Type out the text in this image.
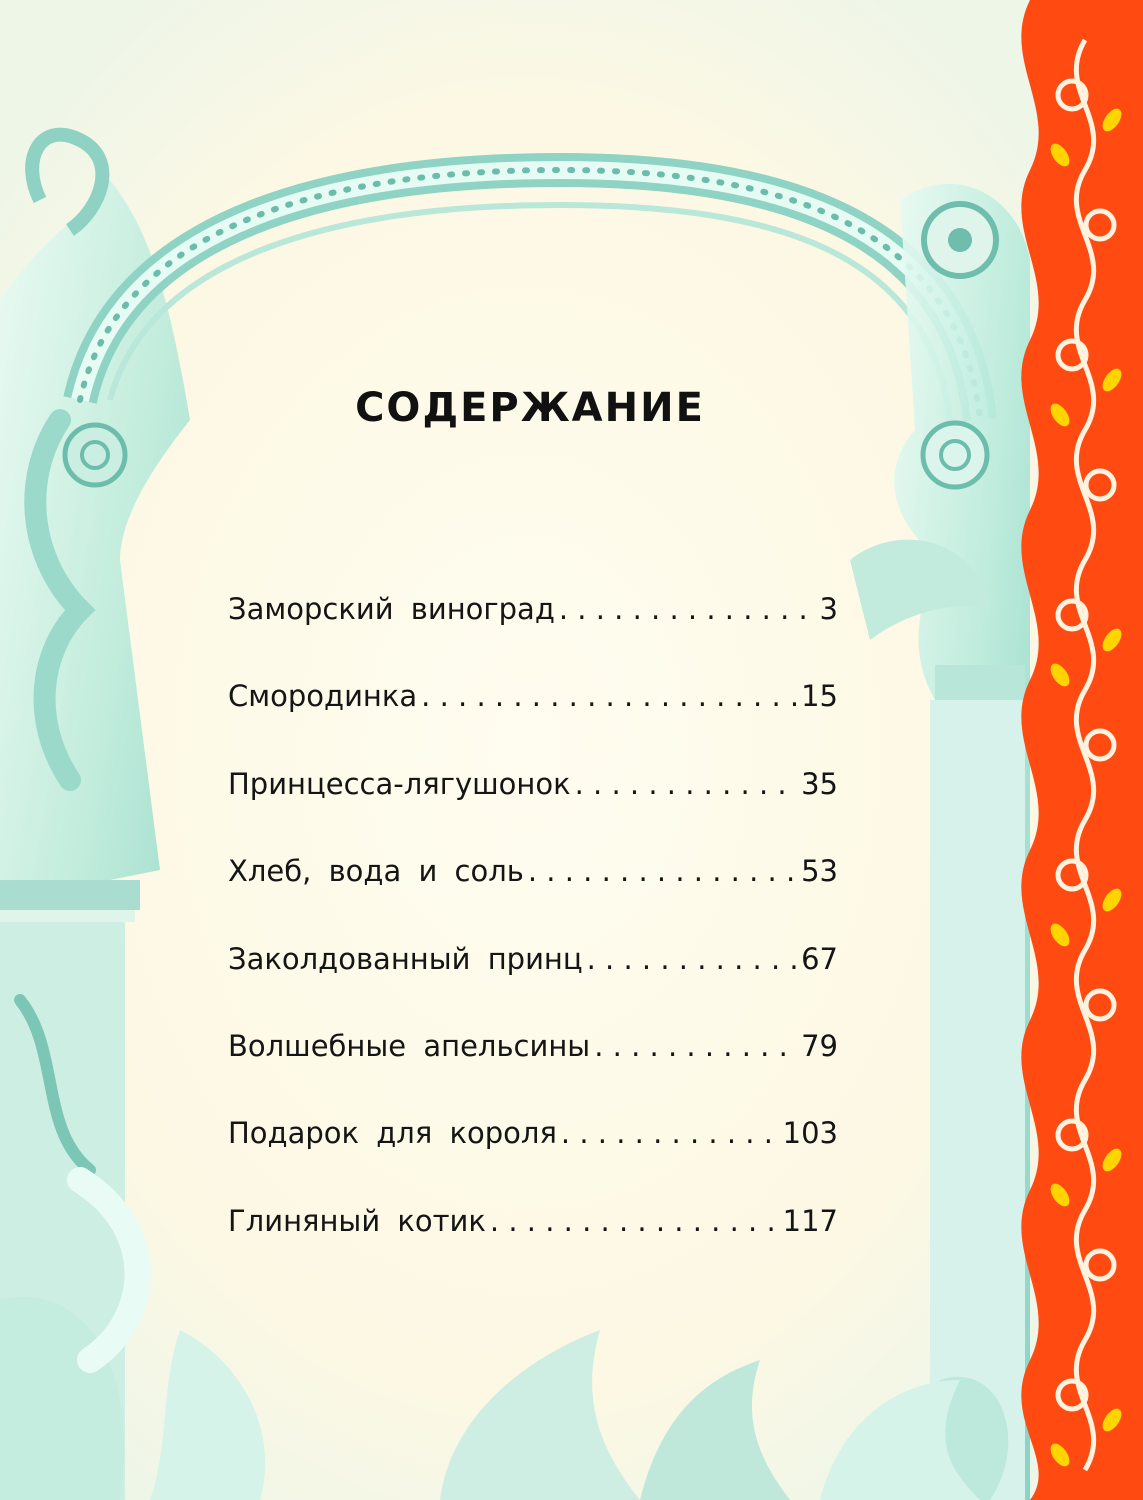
СОДЕРЖАНИЕ
Заморский виноград . . .	3
Смородинка . . .	15
Принцесса-лягушонок . . .	35
Хлеб, вода и соль . . .	53
Заколдованный принц . . .	67
Волшебные апельсины . . .	79
Подарок для короля . . .	103
Глиняный котик . . .	117
